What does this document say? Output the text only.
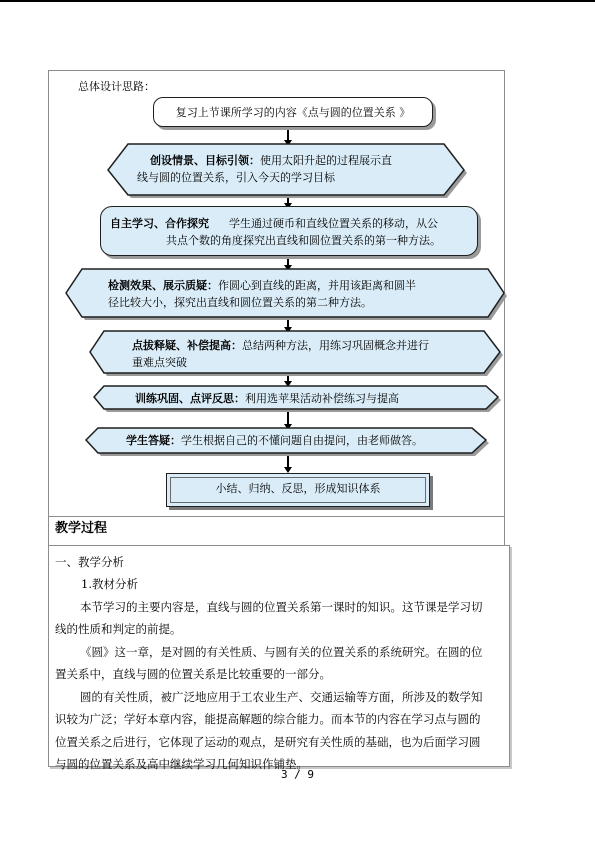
总体设计思路：
复习上节课所学习的内容《点与圆的位置关系 》
创设情景、目标引领：使用太阳升起的过程展示直
线与圆的位置关系，引入今天的学习目标
自主学习、合作探究 学生通过硬币和直线位置关系的移动，从公
共点个数的角度探究出直线和圆位置关系的第一种方法。
检测效果、展示质疑：作圆心到直线的距离，并用该距离和圆半
径比较大小，探究出直线和圆位置关系的第二种方法。
点拔释疑、补偿提高：总结两种方法，用练习巩固概念并进行
重难点突破
训练巩固、点评反思：利用选苹果活动补偿练习与提高
学生答疑：学生根据自己的不懂问题自由提问，由老师做答。
小结、归纳、反思，形成知识体系
教学过程
一、教学分析
1.教材分析
本节学习的主要内容是，直线与圆的位置关系第一课时的知识。这节课是学习切
线的性质和判定的前提。
《圆》这一章，是对圆的有关性质、与圆有关的位置关系的系统研究。在圆的位
置关系中，直线与圆的位置关系是比较重要的一部分。
圆的有关性质，被广泛地应用于工农业生产、交通运输等方面，所涉及的数学知
识较为广泛；学好本章内容，能提高解题的综合能力。而本节的内容在学习点与圆的
位置关系之后进行，它体现了运动的观点，是研究有关性质的基础，也为后面学习圆
与圆的位置关系及高中继续学习几何知识作铺垫。
3 / 9
